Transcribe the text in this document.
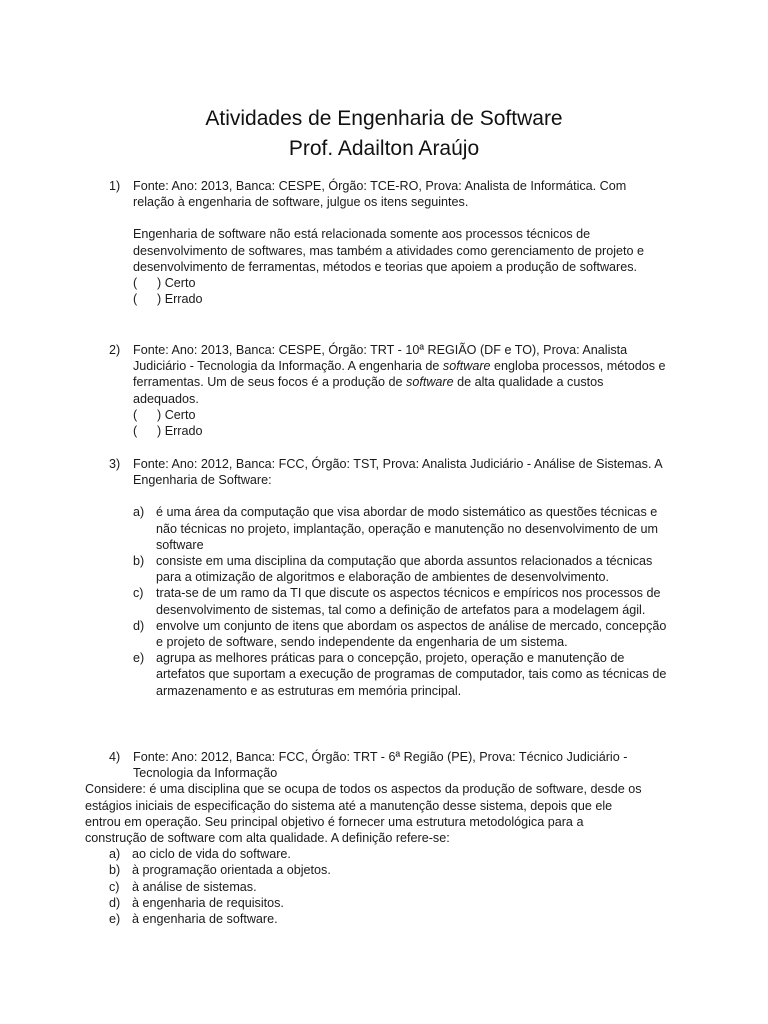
Atividades de Engenharia de Software
Prof. Adailton Araújo
1)	Fonte: Ano: 2013, Banca: CESPE, Órgão: TCE-RO, Prova: Analista de Informática. Com relação à engenharia de software, julgue os itens seguintes.
Engenharia de software não está relacionada somente aos processos técnicos de desenvolvimento de softwares, mas também a atividades como gerenciamento de projeto e desenvolvimento de ferramentas, métodos e teorias que apoiem a produção de softwares.
(	) Certo
(	) Errado
2)	Fonte: Ano: 2013, Banca: CESPE, Órgão: TRT - 10ª REGIÃO (DF e TO), Prova: Analista Judiciário - Tecnologia da Informação. A engenharia de software engloba processos, métodos e ferramentas. Um de seus focos é a produção de software de alta qualidade a custos adequados.
(	) Certo
(	) Errado
3)	Fonte: Ano: 2012, Banca: FCC, Órgão: TST, Prova: Analista Judiciário - Análise de Sistemas. A Engenharia de Software:
a) é uma área da computação que visa abordar de modo sistemático as questões técnicas e não técnicas no projeto, implantação, operação e manutenção no desenvolvimento de um software
b) consiste em uma disciplina da computação que aborda assuntos relacionados a técnicas para a otimização de algoritmos e elaboração de ambientes de desenvolvimento.
c) trata-se de um ramo da TI que discute os aspectos técnicos e empíricos nos processos de desenvolvimento de sistemas, tal como a definição de artefatos para a modelagem ágil.
d) envolve um conjunto de itens que abordam os aspectos de análise de mercado, concepção e projeto de software, sendo independente da engenharia de um sistema.
e) agrupa as melhores práticas para o concepção, projeto, operação e manutenção de artefatos que suportam a execução de programas de computador, tais como as técnicas de armazenamento e as estruturas em memória principal.
4)	Fonte: Ano: 2012, Banca: FCC, Órgão: TRT - 6ª Região (PE), Prova: Técnico Judiciário - Tecnologia da Informação
Considere: é uma disciplina que se ocupa de todos os aspectos da produção de software, desde os estágios iniciais de especificação do sistema até a manutenção desse sistema, depois que ele entrou em operação. Seu principal objetivo é fornecer uma estrutura metodológica para a construção de software com alta qualidade. A definição refere-se:
a) ao ciclo de vida do software.
b) à programação orientada a objetos.
c) à análise de sistemas.
d) à engenharia de requisitos.
e) à engenharia de software.
